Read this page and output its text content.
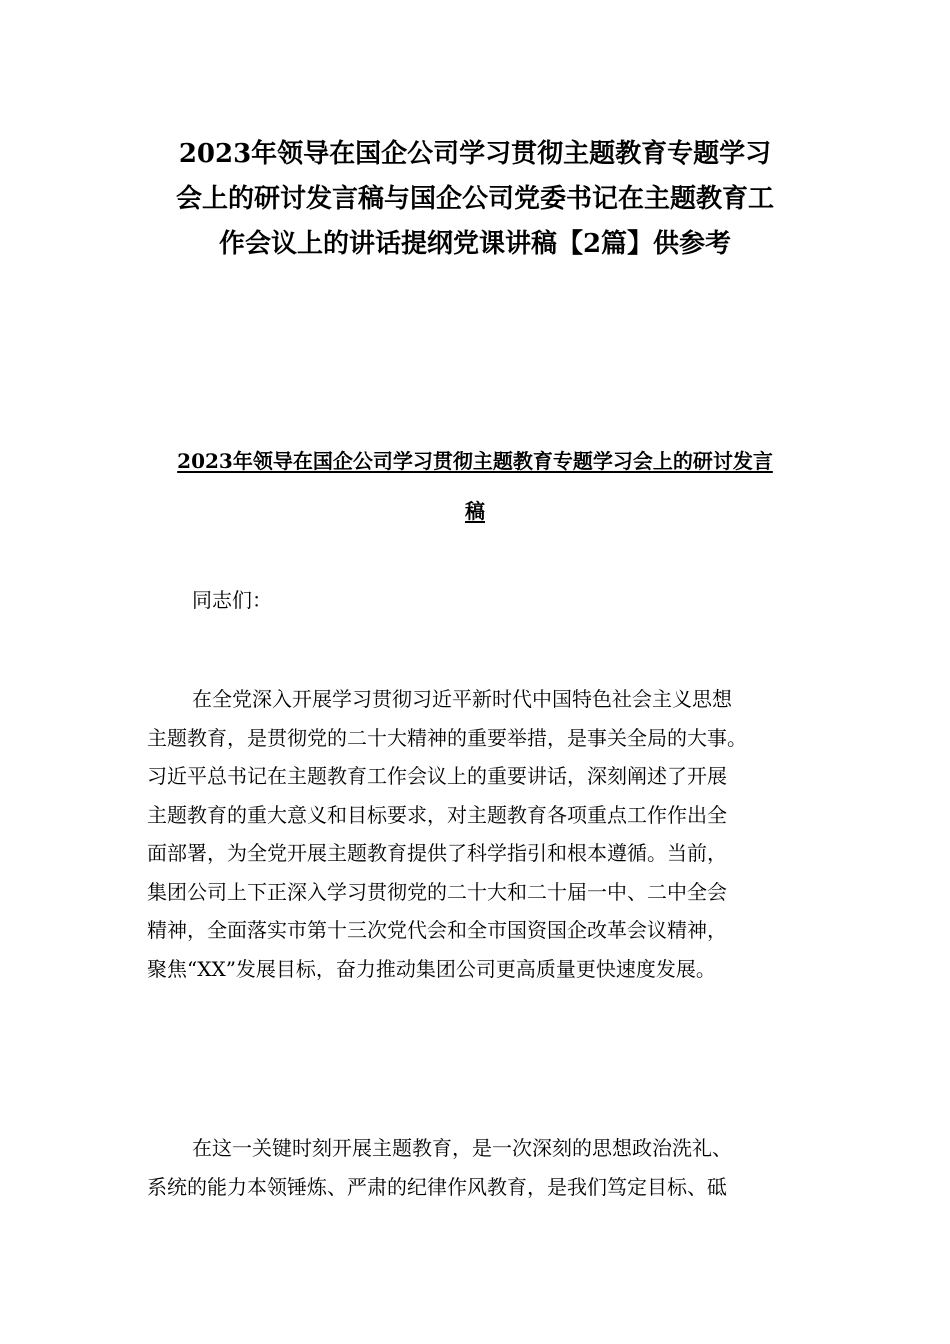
2023年领导在国企公司学习贯彻主题教育专题学习
会上的研讨发言稿与国企公司党委书记在主题教育工
作会议上的讲话提纲党课讲稿【2篇】供参考
2023年领导在国企公司学习贯彻主题教育专题学习会上的研讨发言
稿
同志们：
在全党深入开展学习贯彻习近平新时代中国特色社会主义思想
主题教育，是贯彻党的二十大精神的重要举措，是事关全局的大事。
习近平总书记在主题教育工作会议上的重要讲话，深刻阐述了开展
主题教育的重大意义和目标要求，对主题教育各项重点工作作出全
面部署，为全党开展主题教育提供了科学指引和根本遵循。当前，
集团公司上下正深入学习贯彻党的二十大和二十届一中、二中全会
精神，全面落实市第十三次党代会和全市国资国企改革会议精神，
聚焦“XX”发展目标，奋力推动集团公司更高质量更快速度发展。
在这一关键时刻开展主题教育，是一次深刻的思想政治洗礼、
系统的能力本领锤炼、严肃的纪律作风教育，是我们笃定目标、砥
